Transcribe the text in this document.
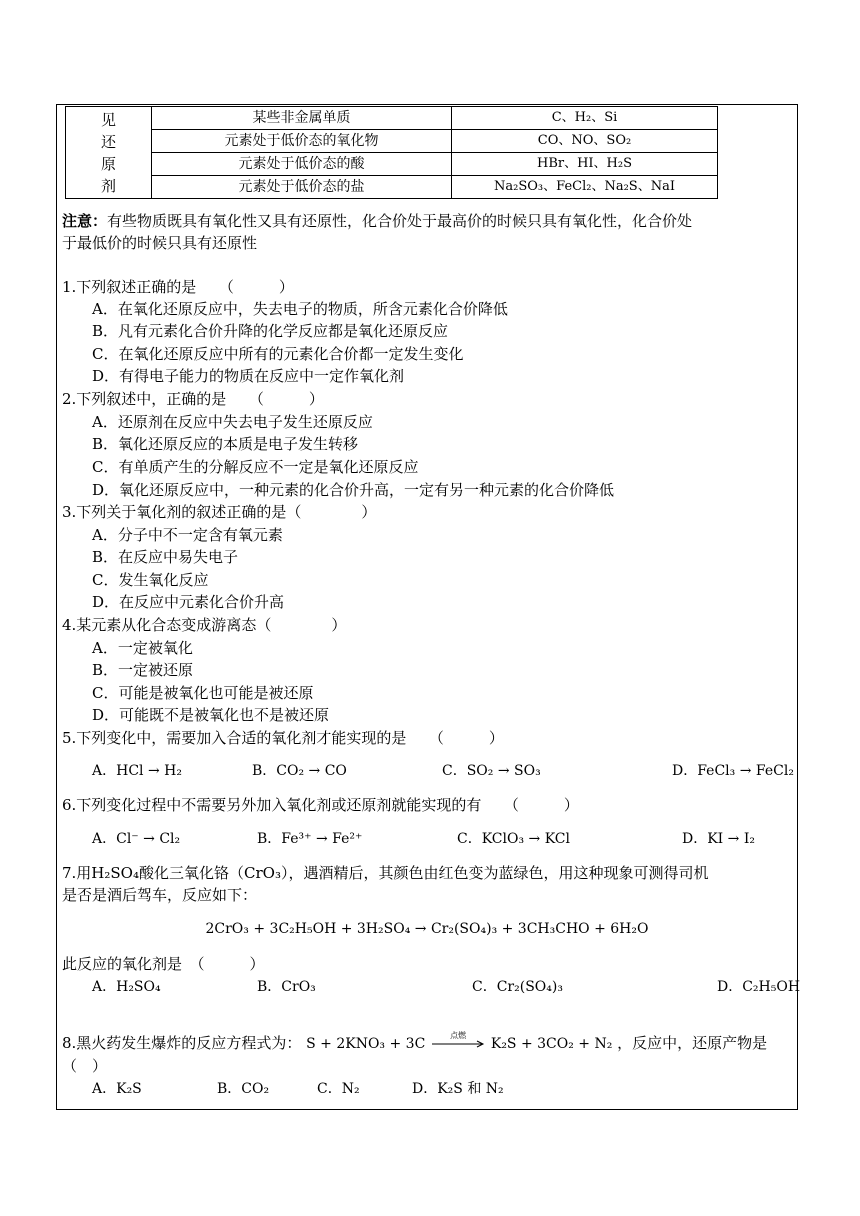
见
还
原
剂	某些非金属单质	C、H₂、Si
	元素处于低价态的氧化物	CO、NO、SO₂
	元素处于低价态的酸	HBr、HI、H₂S
	元素处于低价态的盐	Na₂SO₃、FeCl₂、Na₂S、NaI
注意：有些物质既具有氧化性又具有还原性，化合价处于最高价的时候只具有氧化性，化合价处
于最低价的时候只具有还原性
1.下列叙述正确的是　　（　　　）
A．在氧化还原反应中，失去电子的物质，所含元素化合价降低
B．凡有元素化合价升降的化学反应都是氧化还原反应
C．在氧化还原反应中所有的元素化合价都一定发生变化
D．有得电子能力的物质在反应中一定作氧化剂
2.下列叙述中，正确的是　　（　　　）
A．还原剂在反应中失去电子发生还原反应
B．氧化还原反应的本质是电子发生转移
C．有单质产生的分解反应不一定是氧化还原反应
D．氧化还原反应中，一种元素的化合价升高，一定有另一种元素的化合价降低
3.下列关于氧化剂的叙述正确的是（　　　　）
A．分子中不一定含有氧元素
B．在反应中易失电子
C．发生氧化反应
D．在反应中元素化合价升高
4.某元素从化合态变成游离态（　　　　）
A．一定被氧化
B．一定被还原
C．可能是被氧化也可能是被还原
D．可能既不是被氧化也不是被还原
5.下列变化中，需要加入合适的氧化剂才能实现的是　　（　　　）
A．HCl → H₂	B．CO₂ → CO	C．SO₂ → SO₃	D．FeCl₃ → FeCl₂
6.下列变化过程中不需要另外加入氧化剂或还原剂就能实现的有　　（　　　）
A．Cl⁻ → Cl₂	B．Fe³⁺ → Fe²⁺	C．KClO₃ → KCl	D．KI → I₂
7.用H₂SO₄酸化三氧化铬（CrO₃），遇酒精后，其颜色由红色变为蓝绿色，用这种现象可测得司机
是否是酒后驾车，反应如下：
2CrO₃ + 3C₂H₅OH + 3H₂SO₄ → Cr₂(SO₄)₃ + 3CH₃CHO + 6H₂O
此反应的氧化剂是　（　　　）
A．H₂SO₄	B．CrO₃	C．Cr₂(SO₄)₃	D．C₂H₅OH
8.黑火药发生爆炸的反应方程式为： S + 2KNO₃ + 3C
点燃
K₂S + 3CO₂ + N₂ ，反应中，还原产物是
（　）
A．K₂S	B．CO₂	C．N₂	D．K₂S 和 N₂
